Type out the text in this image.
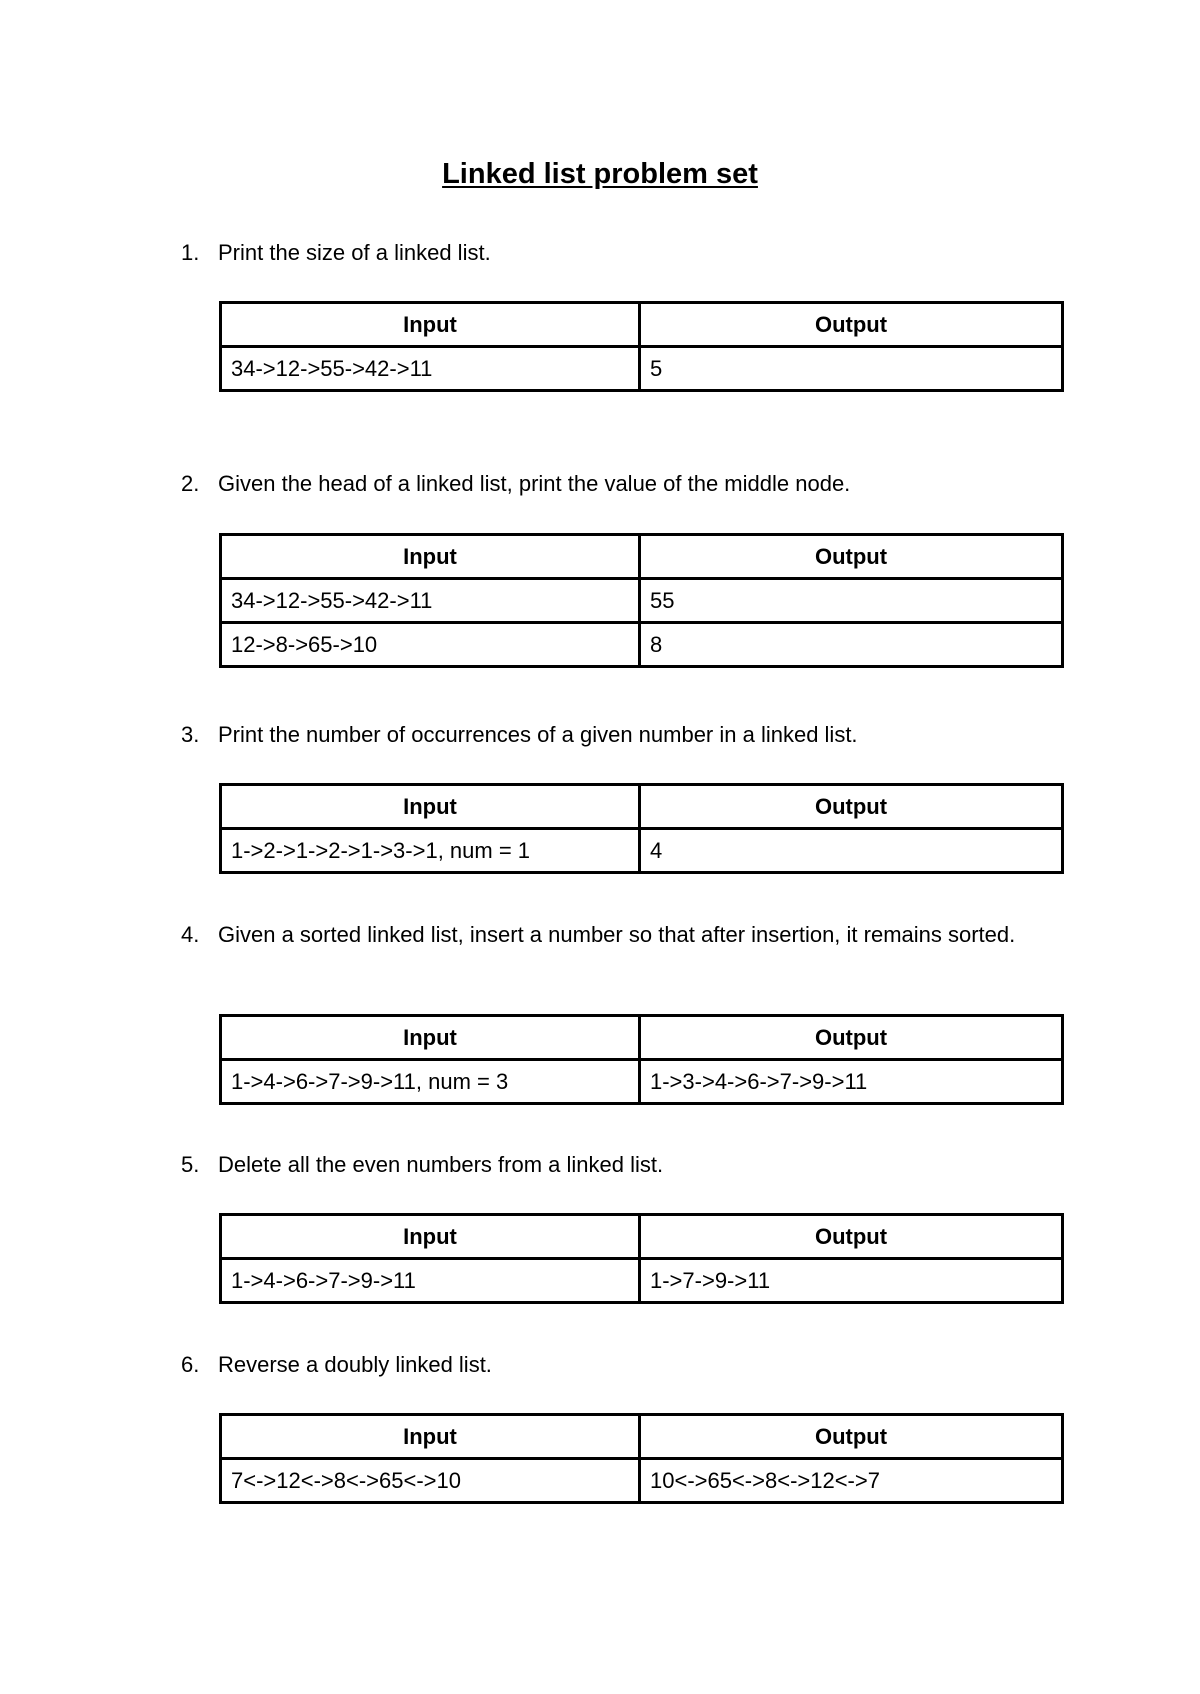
Linked list problem set

1. Print the size of a linked list.

Input	Output
34->12->55->42->11	5

2. Given the head of a linked list, print the value of the middle node.

Input	Output
34->12->55->42->11	55
12->8->65->10	8

3. Print the number of occurrences of a given number in a linked list.

Input	Output
1->2->1->2->1->3->1, num = 1	4

4. Given a sorted linked list, insert a number so that after insertion, it remains sorted.

Input	Output
1->4->6->7->9->11, num = 3	1->3->4->6->7->9->11

5. Delete all the even numbers from a linked list.

Input	Output
1->4->6->7->9->11	1->7->9->11

6. Reverse a doubly linked list.

Input	Output
7<->12<->8<->65<->10	10<->65<->8<->12<->7
